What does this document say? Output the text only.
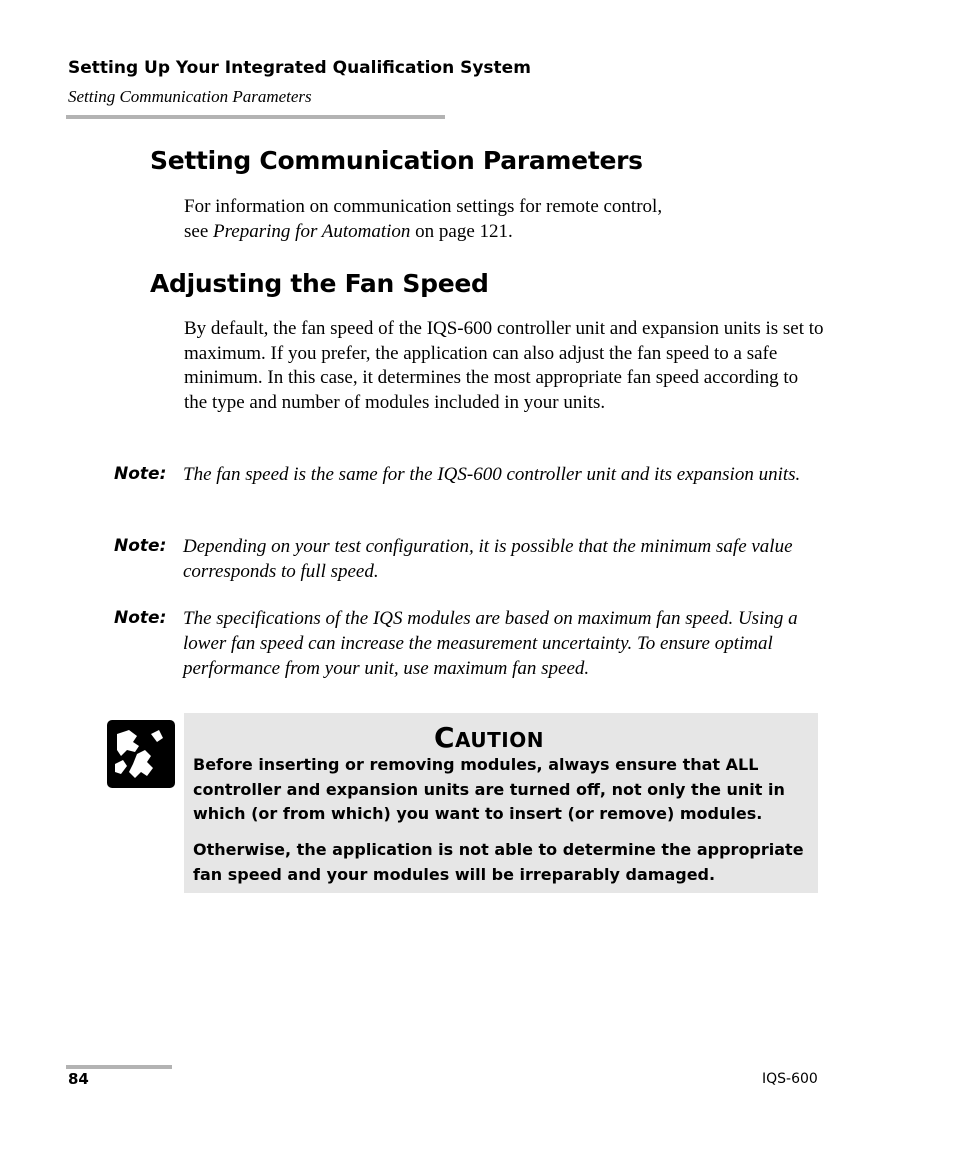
Setting Up Your Integrated Qualification System
Setting Communication Parameters
Setting Communication Parameters

For information on communication settings for remote control,
see Preparing for Automation on page 121.

Adjusting the Fan Speed

By default, the fan speed of the IQS-600 controller unit and expansion units is set to maximum. If you prefer, the application can also adjust the fan speed to a safe minimum. In this case, it determines the most appropriate fan speed according to the type and number of modules included in your units.

Note: The fan speed is the same for the IQS-600 controller unit and its expansion units.

Note: Depending on your test configuration, it is possible that the minimum safe value corresponds to full speed.

Note: The specifications of the IQS modules are based on maximum fan speed. Using a lower fan speed can increase the measurement uncertainty. To ensure optimal performance from your unit, use maximum fan speed.

Caution

Before inserting or removing modules, always ensure that ALL controller and expansion units are turned off, not only the unit in which (or from which) you want to insert (or remove) modules.

Otherwise, the application is not able to determine the appropriate fan speed and your modules will be irreparably damaged.

84	IQS-600
